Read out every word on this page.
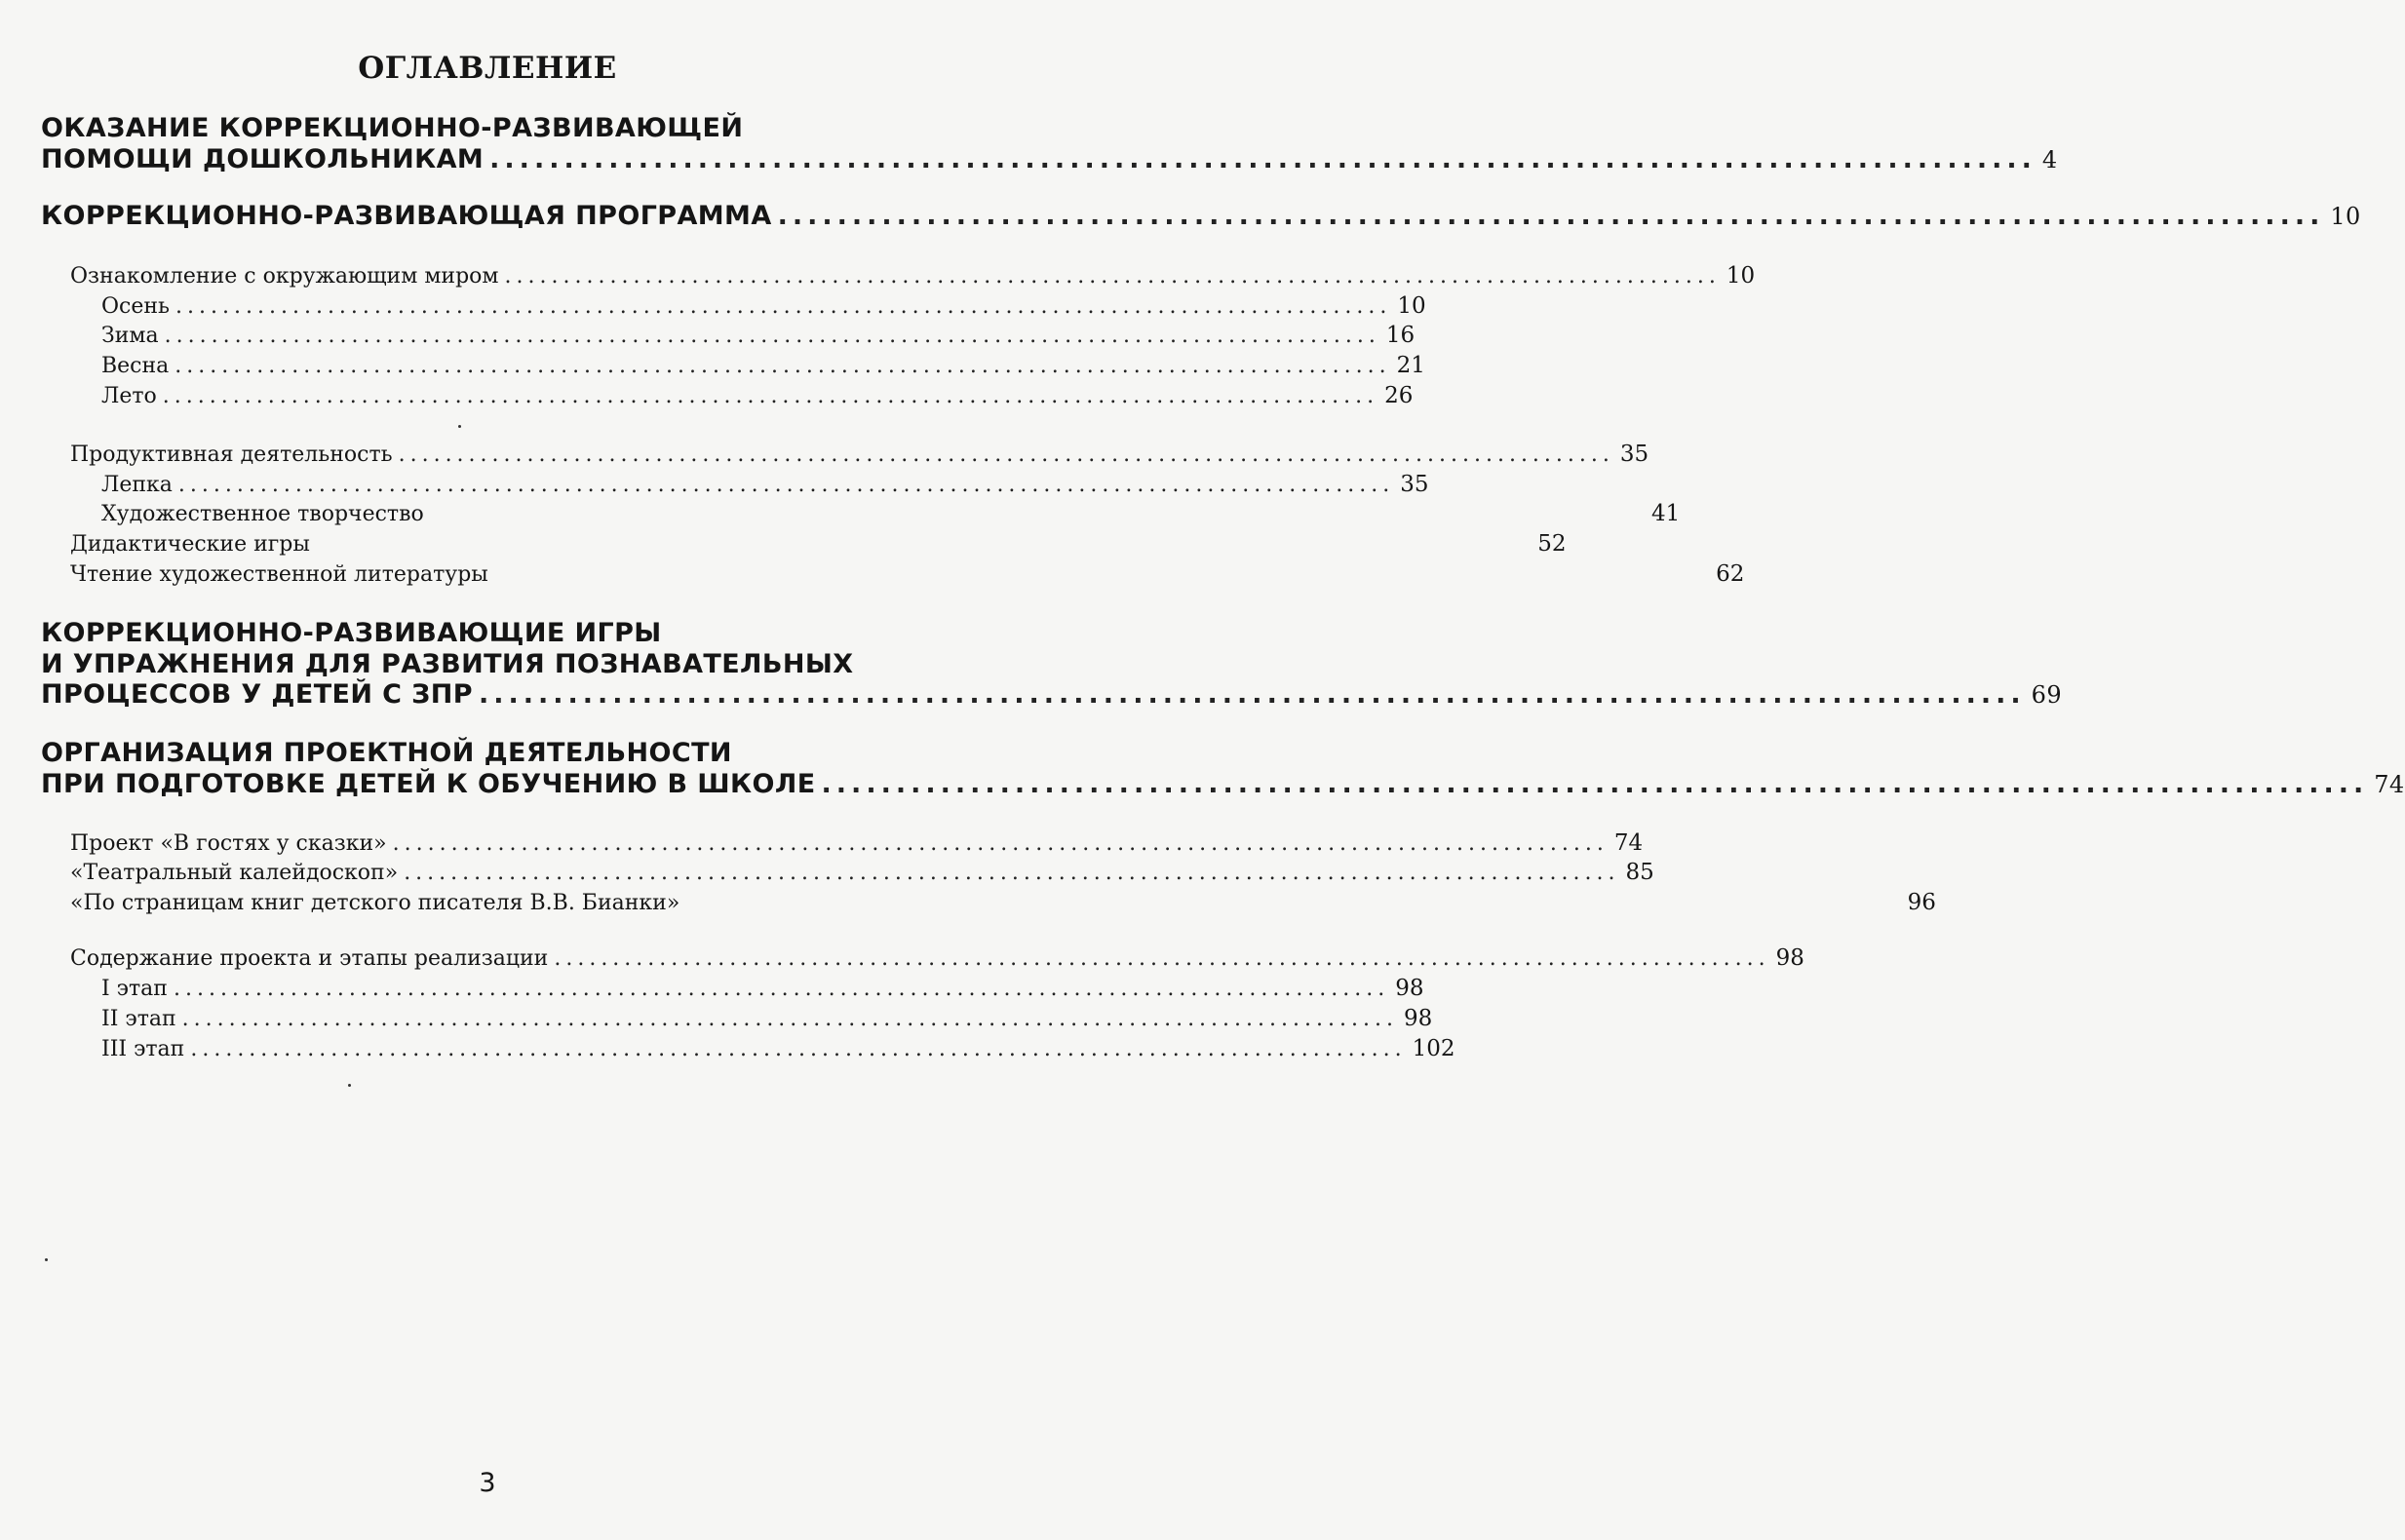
ОГЛАВЛЕНИЕ
ОКАЗАНИЕ КОРРЕКЦИОННО-РАЗВИВАЮЩЕЙ
ПОМОЩИ ДОШКОЛЬНИКАМ ........................................................................................................ 4
КОРРЕКЦИОННО-РАЗВИВАЮЩАЯ ПРОГРАММА ........................................................................................................ 10
Ознакомление с окружающим миром ........................................................................................................ 10
Осень ........................................................................................................ 10
Зима ........................................................................................................ 16
Весна ........................................................................................................ 21
Лето ........................................................................................................ 26
Продуктивная деятельность ........................................................................................................ 35
Лепка ........................................................................................................ 35
Художественное творчество	41
Дидактические игры	52
Чтение художественной литературы	62
КОРРЕКЦИОННО-РАЗВИВАЮЩИЕ ИГРЫ
И УПРАЖНЕНИЯ ДЛЯ РАЗВИТИЯ ПОЗНАВАТЕЛЬНЫХ
ПРОЦЕССОВ У ДЕТЕЙ С ЗПР ........................................................................................................ 69
ОРГАНИЗАЦИЯ ПРОЕКТНОЙ ДЕЯТЕЛЬНОСТИ
ПРИ ПОДГОТОВКЕ ДЕТЕЙ К ОБУЧЕНИЮ В ШКОЛЕ ........................................................................................................ 74
Проект «В гостях у сказки» ........................................................................................................ 74
«Театральный калейдоскоп» ........................................................................................................ 85
«По страницам книг детского писателя В.В. Бианки»	96
Содержание проекта и этапы реализации ........................................................................................................ 98
I этап ........................................................................................................ 98
II этап ........................................................................................................ 98
III этап ........................................................................................................ 102
3
